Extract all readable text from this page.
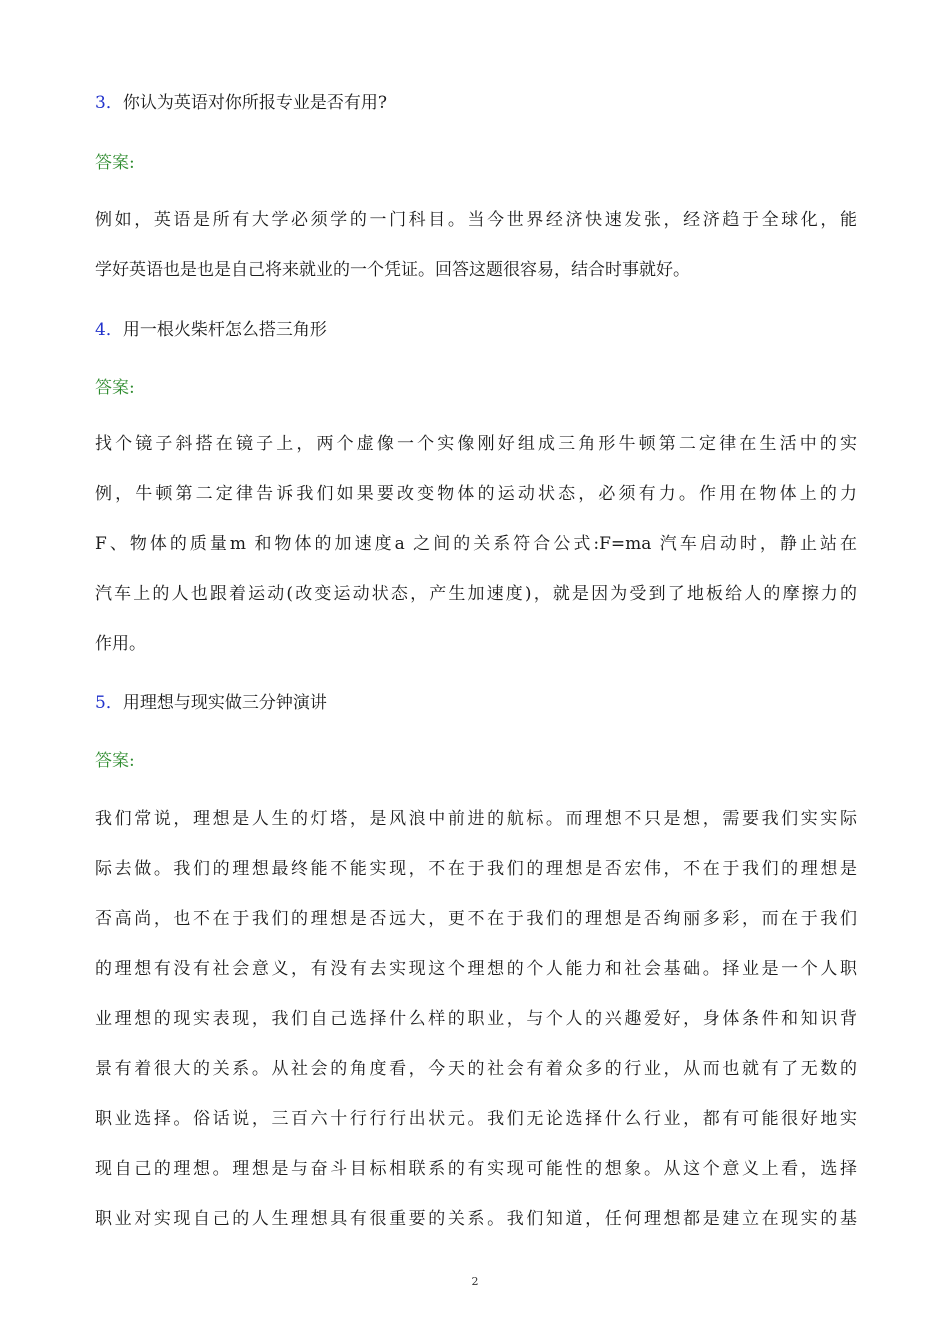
3．你认为英语对你所报专业是否有用?
答案:
例如，英语是所有大学必须学的一门科目。当今世界经济快速发张，经济趋于全球化，能
学好英语也是也是自己将来就业的一个凭证。回答这题很容易，结合时事就好。
4．用一根火柴杆怎么搭三角形
答案:
找个镜子斜搭在镜子上，两个虚像一个实像刚好组成三角形牛顿第二定律在生活中的实
例，牛顿第二定律告诉我们如果要改变物体的运动状态，必须有力。作用在物体上的力
F、物体的质量m 和物体的加速度a 之间的关系符合公式:F=ma 汽车启动时，静止站在
汽车上的人也跟着运动(改变运动状态，产生加速度)，就是因为受到了地板给人的摩擦力的
作用。
5．用理想与现实做三分钟演讲
答案:
我们常说，理想是人生的灯塔，是风浪中前进的航标。而理想不只是想，需要我们实实际
际去做。我们的理想最终能不能实现，不在于我们的理想是否宏伟，不在于我们的理想是
否高尚，也不在于我们的理想是否远大，更不在于我们的理想是否绚丽多彩，而在于我们
的理想有没有社会意义，有没有去实现这个理想的个人能力和社会基础。择业是一个人职
业理想的现实表现，我们自己选择什么样的职业，与个人的兴趣爱好，身体条件和知识背
景有着很大的关系。从社会的角度看，今天的社会有着众多的行业，从而也就有了无数的
职业选择。俗话说，三百六十行行行出状元。我们无论选择什么行业，都有可能很好地实
现自己的理想。理想是与奋斗目标相联系的有实现可能性的想象。从这个意义上看，选择
职业对实现自己的人生理想具有很重要的关系。我们知道，任何理想都是建立在现实的基
2
